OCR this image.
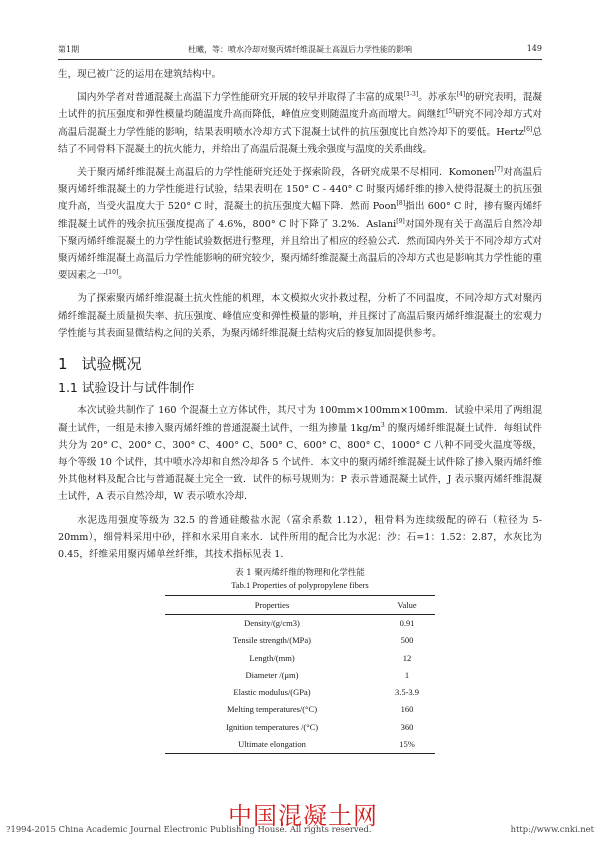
第1期	杜曦，等：喷水冷却对聚丙烯纤维混凝土高温后力学性能的影响	149

生，现已被广泛的运用在建筑结构中。

国内外学者对普通混凝土高温下力学性能研究开展的较早并取得了丰富的成果[1-3]。苏承东[4]的研究表明，混凝土试件的抗压强度和弹性模量均随温度升高而降低，峰值应变则随温度升高而增大。阎继红[5]研究不同冷却方式对高温后混凝土力学性能的影响，结果表明喷水冷却方式下混凝土试件的抗压强度比自然冷却下的要低。Hertz[6]总结了不同骨料下混凝土的抗火能力，并给出了高温后混凝土残余强度与温度的关系曲线。

关于聚丙烯纤维混凝土高温后的力学性能研究还处于探索阶段，各研究成果不尽相同．Komonen[7]对高温后聚丙烯纤维混凝土的力学性能进行试验，结果表明在 150° C - 440° C 时聚丙烯纤维的掺入使得混凝土的抗压强度升高，当受火温度大于 520° C 时，混凝土的抗压强度大幅下降．然而 Poon[8]指出 600° C 时，掺有聚丙烯纤维混凝土试件的残余抗压强度提高了 4.6%，800° C 时下降了 3.2%．Aslani[9]对国外现有关于高温后自然冷却下聚丙烯纤维混凝土的力学性能试验数据进行整理，并且给出了相应的经验公式．然而国内外关于不同冷却方式对聚丙烯纤维混凝土高温后力学性能影响的研究较少，聚丙烯纤维混凝土高温后的冷却方式也是影响其力学性能的重要因素之一[10]。

为了探索聚丙烯纤维混凝土抗火性能的机理，本文模拟火灾扑救过程，分析了不同温度，不同冷却方式对聚丙烯纤维混凝土质量损失率、抗压强度、峰值应变和弹性模量的影响，并且探讨了高温后聚丙烯纤维混凝土的宏观力学性能与其表面显微结构之间的关系，为聚丙烯纤维混凝土结构灾后的修复加固提供参考。

1 试验概况
1.1 试验设计与试件制作

本次试验共制作了 160 个混凝土立方体试件，其尺寸为 100mm×100mm×100mm．试验中采用了两组混凝土试件，一组是未掺入聚丙烯纤维的普通混凝土试件，一组为掺量 $1kg/m^3$ 的聚丙烯纤维混凝土试件．每组试件共分为 20° C、200° C、300° C、400° C、500° C、600° C、800° C、1000° C 八种不同受火温度等级，每个等级 10 个试件，其中喷水冷却和自然冷却各 5 个试件．本文中的聚丙烯纤维混凝土试件除了掺入聚丙烯纤维外其他材料及配合比与普通混凝土完全一致．试件的标号规则为：P 表示普通混凝土试件，J 表示聚丙烯纤维混凝土试件，A 表示自然冷却，W 表示喷水冷却．

水泥选用强度等级为 32.5 的普通硅酸盐水泥（富余系数 1.12），粗骨料为连续级配的碎石（粒径为 5-20mm），细骨料采用中砂，拌和水采用自来水．试件所用的配合比为水泥：沙：石=1：1.52：2.87，水灰比为 0.45，纤维采用聚丙烯单丝纤维，其技术指标见表 1．

表 1 聚丙烯纤维的物理和化学性能
Tab.1 Properties of polypropylene fibers
Properties	Value
Density/(g/cm3)	0.91
Tensile strength/(MPa)	500
Length/(mm)	12
Diameter /(μm)	1
Elastic modulus/(GPa)	3.5-3.9
Melting temperatures/(°C)	160
Ignition temperatures /(°C)	360
Ultimate elongation	15%
中国混凝土网
?1994-2015 China Academic Journal Electronic Publishing House. All rights reserved.	http://www.cnki.net
